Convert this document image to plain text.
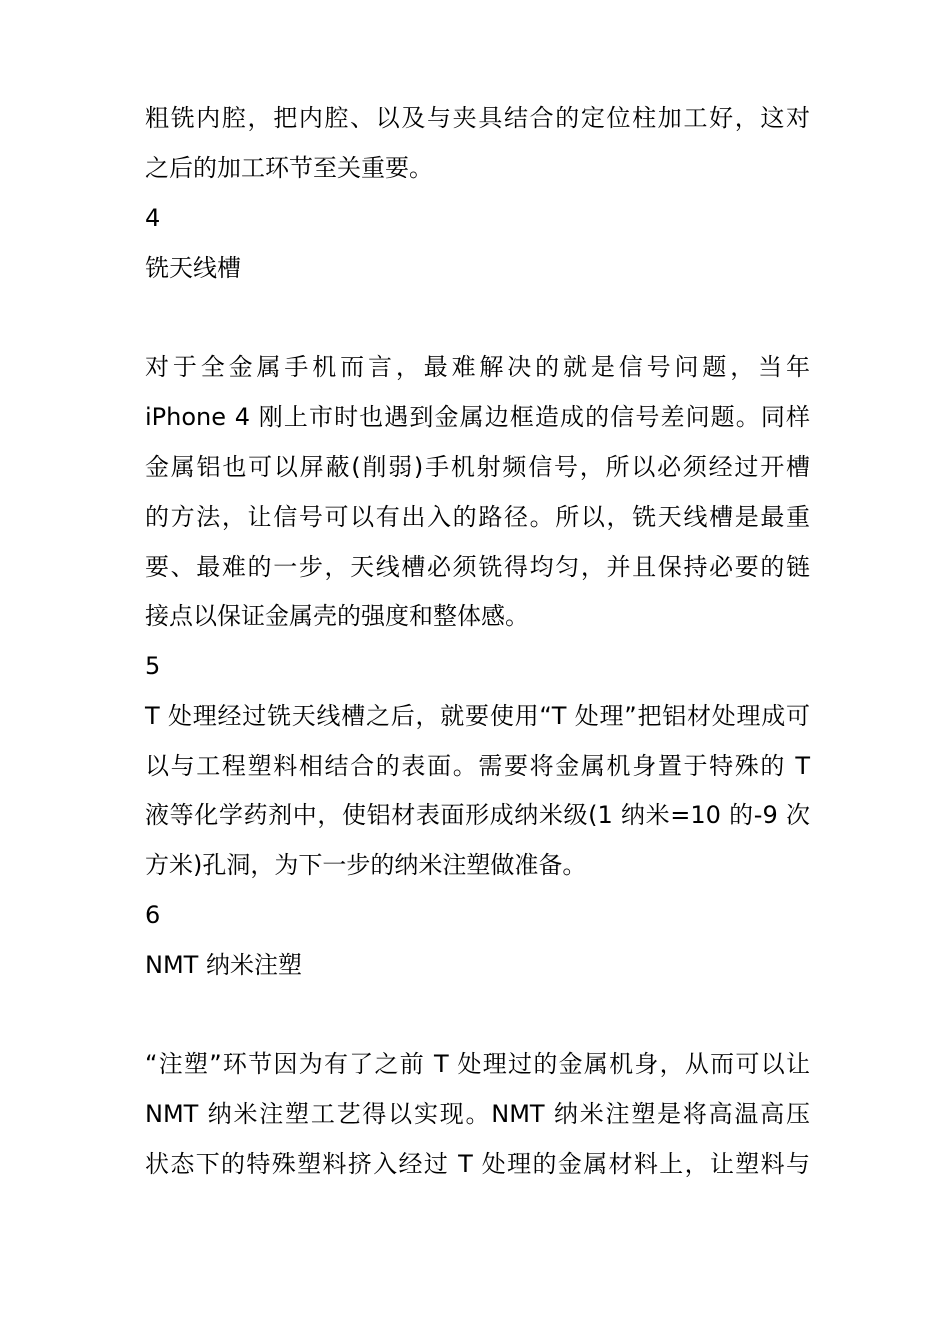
粗铣内腔，把内腔、以及与夹具结合的定位柱加工好，这对
之后的加工环节至关重要。
4
铣天线槽
对于全金属手机而言，最难解决的就是信号问题，当年
iPhone 4 刚上市时也遇到金属边框造成的信号差问题。同样
金属铝也可以屏蔽(削弱)手机射频信号，所以必须经过开槽
的方法，让信号可以有出入的路径。所以，铣天线槽是最重
要、最难的一步，天线槽必须铣得均匀，并且保持必要的链
接点以保证金属壳的强度和整体感。
5
T 处理经过铣天线槽之后，就要使用“T 处理”把铝材处理成可
以与工程塑料相结合的表面。需要将金属机身置于特殊的 T
液等化学药剂中，使铝材表面形成纳米级(1 纳米=10 的-9 次
方米)孔洞，为下一步的纳米注塑做准备。
6
NMT 纳米注塑
“注塑”环节因为有了之前 T 处理过的金属机身，从而可以让
NMT 纳米注塑工艺得以实现。NMT 纳米注塑是将高温高压
状态下的特殊塑料挤入经过 T 处理的金属材料上，让塑料与
